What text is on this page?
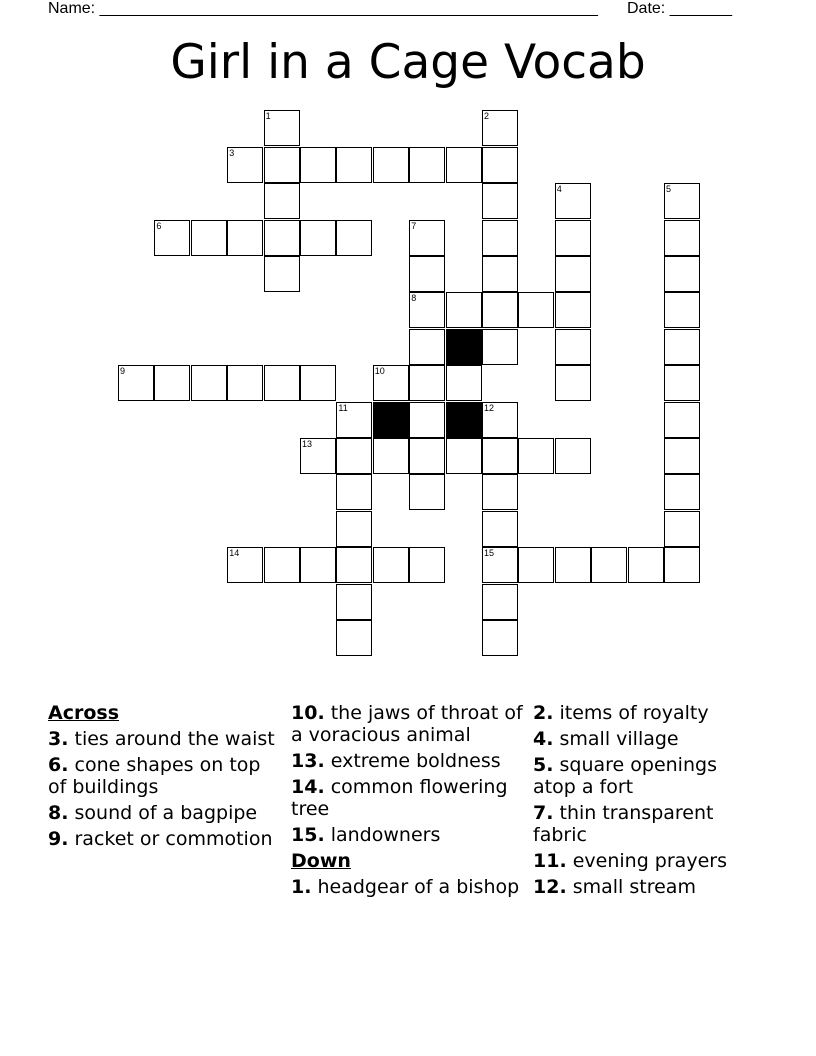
Name: ________________________________________________________ Date: _______
Girl in a Cage Vocab
1	2
3
4	5
6	7
8
9	10
11	12
13
14	15
Across
3. ties around the waist
6. cone shapes on top of buildings
8. sound of a bagpipe
9. racket or commotion
10. the jaws of throat of a voracious animal
13. extreme boldness
14. common flowering tree
15. landowners
Down
1. headgear of a bishop
2. items of royalty
4. small village
5. square openings atop a fort
7. thin transparent fabric
11. evening prayers
12. small stream
